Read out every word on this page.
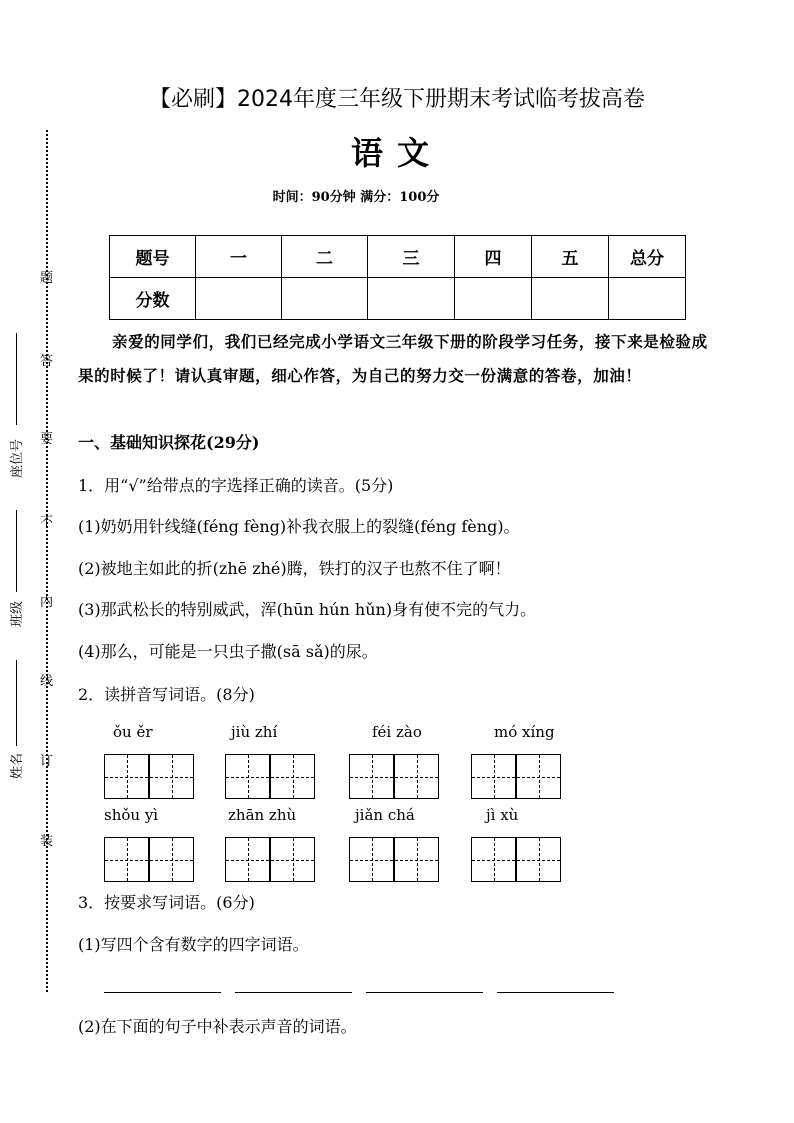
题
答
要
不
内
线
订
装
座位号
班级
姓名
【必刷】2024年度三年级下册期末考试临考拔高卷
语文
时间：90分钟 满分：100分
题号	一	二	三	四	五	总分
分数						
亲爱的同学们，我们已经完成小学语文三年级下册的阶段学习任务，接下来是检验成果的时候了！请认真审题，细心作答，为自己的努力交一份满意的答卷，加油！
一、基础知识探花(29分)
1．用“√”给带点的字选择正确的读音。(5分)
(1)奶奶用针线缝(féng fèng)补我衣服上的裂缝(féng fèng)。
(2)被地主如此的折(zhē zhé)腾，铁打的汉子也熬不住了啊！
(3)那武松长的特别威武，浑(hūn hún hǔn)身有使不完的气力。
(4)那么，可能是一只虫子撒(sā sǎ)的尿。
2．读拼音写词语。(8分)
ǒu ěr	jiù zhí	féi zào	mó xíng
shǒu yì	zhān zhù	jiǎn chá	jì xù
3．按要求写词语。(6分)
(1)写四个含有数字的四字词语。
(2)在下面的句子中补表示声音的词语。
